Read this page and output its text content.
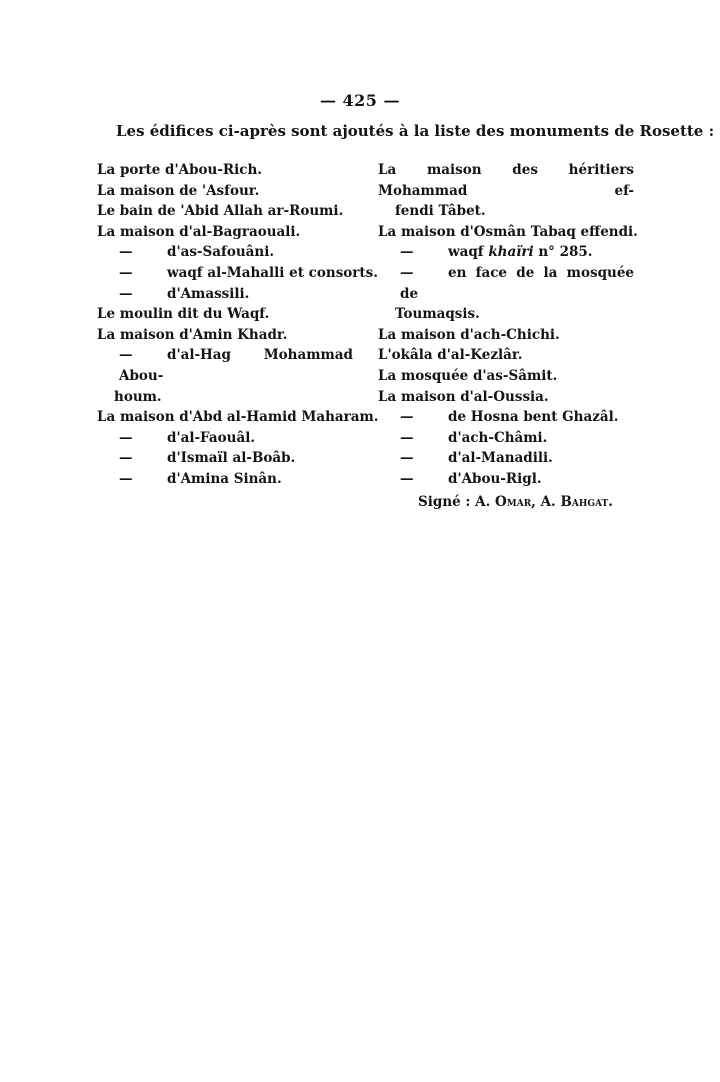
— 425 —
Les édifices ci-après sont ajoutés à la liste des monuments de Rosette :
La porte d'Abou-Rich.
La maison de 'Asfour.
Le bain de 'Abid Allah ar-Roumi.
La maison d'al-Bagraouali.
—	d'as-Safouâni.
—	waqf al-Mahalli et consorts.
—	d'Amassili.
Le moulin dit du Waqf.
La maison d'Amin Khadr.
—	d'al-Hag Mohammad Abou-
houm.
La maison d'Abd al-Hamid Maharam.
—	d'al-Faouâl.
—	d'Ismaïl al-Boâb.
—	d'Amina Sinân.
La maison des héritiers Mohammad ef-
fendi Tâbet.
La maison d'Osmân Tabaq effendi.
—	waqf khaïri n° 285.
—	en face de la mosquée de
Toumaqsis.
La maison d'ach-Chichi.
L'okâla d'al-Kezlâr.
La mosquée d'as-Sâmit.
La maison d'al-Oussia.
—	de Hosna bent Ghazâl.
—	d'ach-Châmi.
—	d'al-Manadili.
—	d'Abou-Rigl.
Signé : A. Omar, A. Bahgat.
